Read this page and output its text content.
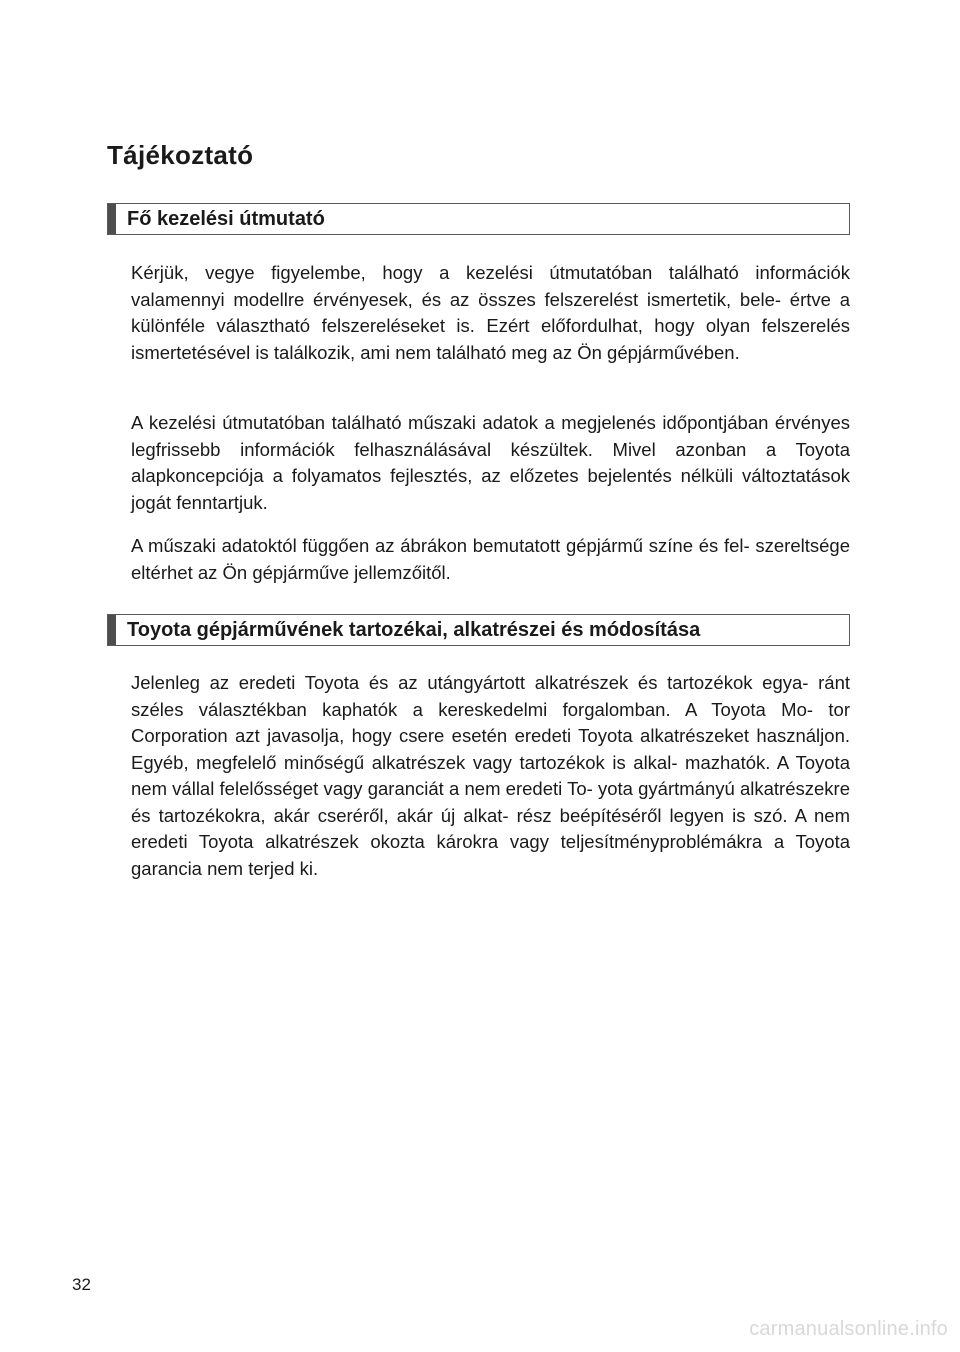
Tájékoztató
Fő kezelési útmutató

Kérjük, vegye figyelembe, hogy a kezelési útmutatóban található információk valamennyi modellre érvényesek, és az összes felszerelést ismertetik, bele- értve a különféle választható felszereléseket is. Ezért előfordulhat, hogy olyan felszerelés ismertetésével is találkozik, ami nem található meg az Ön gépjárművében.

A kezelési útmutatóban található műszaki adatok a megjelenés időpontjában érvényes legfrissebb információk felhasználásával készültek. Mivel azonban a Toyota alapkoncepciója a folyamatos fejlesztés, az előzetes bejelentés nélküli változtatások jogát fenntartjuk.

A műszaki adatoktól függően az ábrákon bemutatott gépjármű színe és fel- szereltsége eltérhet az Ön gépjárműve jellemzőitől.

Toyota gépjárművének tartozékai, alkatrészei és módosítása

Jelenleg az eredeti Toyota és az utángyártott alkatrészek és tartozékok egya- ránt széles választékban kaphatók a kereskedelmi forgalomban. A Toyota Mo- tor Corporation azt javasolja, hogy csere esetén eredeti Toyota alkatrészeket használjon. Egyéb, megfelelő minőségű alkatrészek vagy tartozékok is alkal- mazhatók. A Toyota nem vállal felelősséget vagy garanciát a nem eredeti To- yota gyártmányú alkatrészekre és tartozékokra, akár cseréről, akár új alkat- rész beépítéséről legyen is szó. A nem eredeti Toyota alkatrészek okozta károkra vagy teljesítményproblémákra a Toyota garancia nem terjed ki.

32
carmanualsonline.info
